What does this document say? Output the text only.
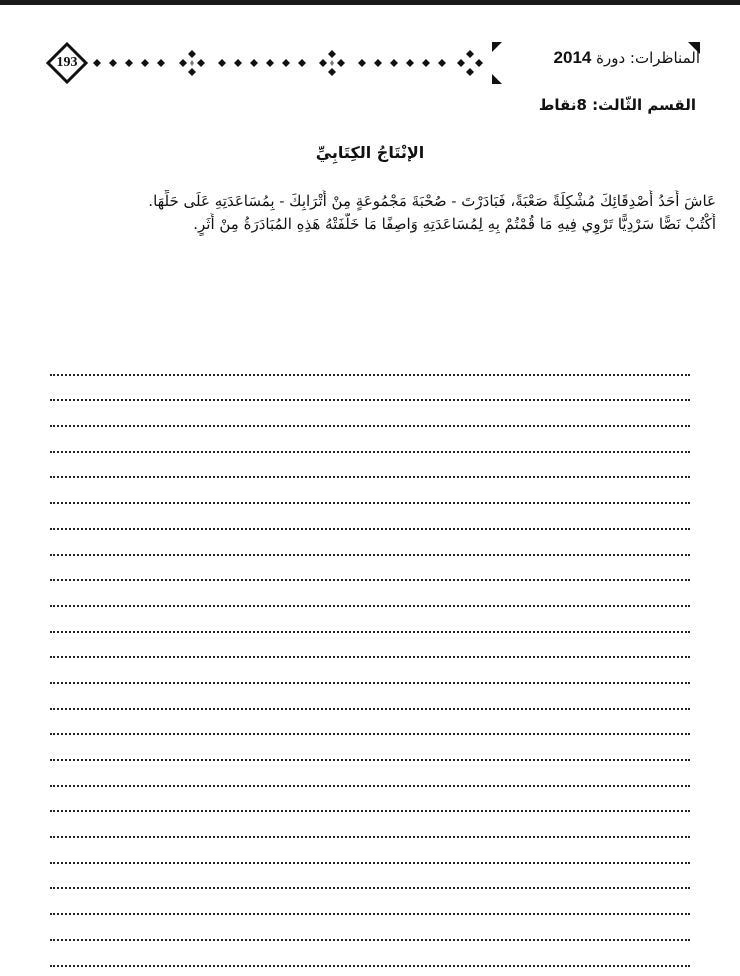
193	المناظرات: دورة 2014
القسم الثّالث: 8نقاط
الإنْتَاجُ الكِتَابِيِّ
عَاشَ أَحَدُ أَصْدِقَائِكَ مُشْكِلَةً صَعْبَةً، فَبَادَرْتَ - صُحْبَةَ مَجْمُوعَةٍ مِنْ أَتْرَابِكَ - بِمُسَاعَدَتِهِ عَلَى حَلِّهَا.
أُكْتُبْ نَصًّا سَرْدِيًّا تَرْوِي فِيهِ مَا قُمْتُمْ بِهِ لِمُسَاعَدَتِهِ وَاصِفًا مَا خَلَّفَتْهُ هَذِهِ المُبَادَرَةُ مِنْ أَثَرٍ.
